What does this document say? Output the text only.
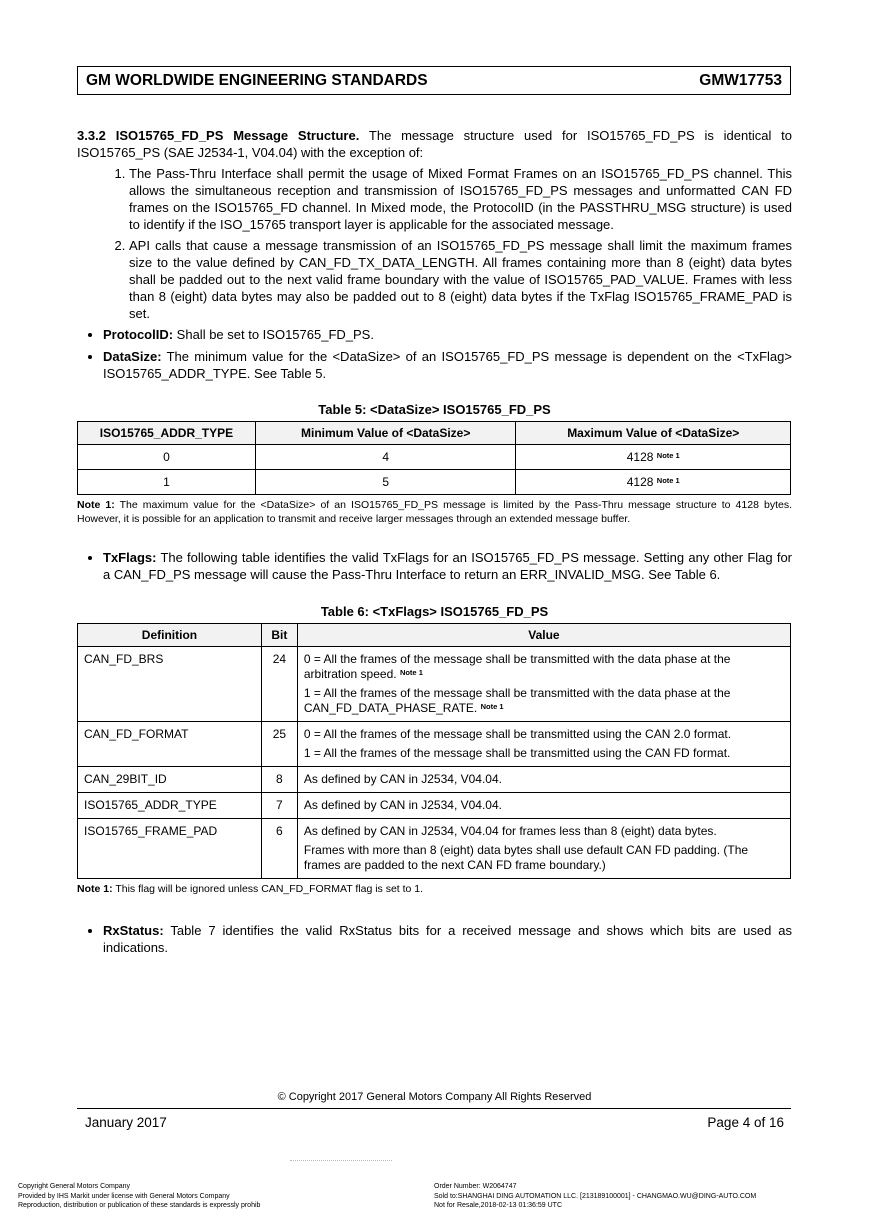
GM WORLDWIDE ENGINEERING STANDARDS	GMW17753

3.3.2 ISO15765_FD_PS Message Structure. The message structure used for ISO15765_FD_PS is identical to ISO15765_PS (SAE J2534-1, V04.04) with the exception of:

1. The Pass-Thru Interface shall permit the usage of Mixed Format Frames on an ISO15765_FD_PS channel. This allows the simultaneous reception and transmission of ISO15765_FD_PS messages and unformatted CAN FD frames on the ISO15765_FD channel. In Mixed mode, the ProtocolID (in the PASSTHRU_MSG structure) is used to identify if the ISO_15765 transport layer is applicable for the associated message.
2. API calls that cause a message transmission of an ISO15765_FD_PS message shall limit the maximum frames size to the value defined by CAN_FD_TX_DATA_LENGTH. All frames containing more than 8 (eight) data bytes shall be padded out to the next valid frame boundary with the value of ISO15765_PAD_VALUE. Frames with less than 8 (eight) data bytes may also be padded out to 8 (eight) data bytes if the TxFlag ISO15765_FRAME_PAD is set.
• ProtocolID: Shall be set to ISO15765_FD_PS.
• DataSize: The minimum value for the <DataSize> of an ISO15765_FD_PS message is dependent on the <TxFlag> ISO15765_ADDR_TYPE. See Table 5.

Table 5: <DataSize> ISO15765_FD_PS

ISO15765_ADDR_TYPE	Minimum Value of <DataSize>	Maximum Value of <DataSize>
0	4	4128 $^{Note 1}$
1	5	4128 $^{Note 1}$

Note 1: The maximum value for the <DataSize> of an ISO15765_FD_PS message is limited by the Pass-Thru message structure to 4128 bytes. However, it is possible for an application to transmit and receive larger messages through an extended message buffer.

• TxFlags: The following table identifies the valid TxFlags for an ISO15765_FD_PS message. Setting any other Flag for a CAN_FD_PS message will cause the Pass-Thru Interface to return an ERR_INVALID_MSG. See Table 6.

Table 6: <TxFlags> ISO15765_FD_PS

Definition	Bit	Value
CAN_FD_BRS	24	0 = All the frames of the message shall be transmitted with the data phase at the arbitration speed. $^{Note 1}$

1 = All the frames of the message shall be transmitted with the data phase at the CAN_FD_DATA_PHASE_RATE. $^{Note 1}$

CAN_FD_FORMAT	25	0 = All the frames of the message shall be transmitted using the CAN 2.0 format.

1 = All the frames of the message shall be transmitted using the CAN FD format.

CAN_29BIT_ID	8	As defined by CAN in J2534, V04.04.

ISO15765_ADDR_TYPE	7	As defined by CAN in J2534, V04.04.

ISO15765_FRAME_PAD	6	As defined by CAN in J2534, V04.04 for frames less than 8 (eight) data bytes.

Frames with more than 8 (eight) data bytes shall use default CAN FD padding. (The frames are padded to the next CAN FD frame boundary.)

Note 1: This flag will be ignored unless CAN_FD_FORMAT flag is set to 1.

• RxStatus: Table 7 identifies the valid RxStatus bits for a received message and shows which bits are used as indications.
© Copyright 2017 General Motors Company All Rights Reserved
January 2017	Page 4 of 16
Copyright General Motors Company
Provided by IHS Markit under license with General Motors Company
Reproduction, distribution or publication of these standards is expressly prohib
Order Number: W2064747
Sold to:SHANGHAI DING AUTOMATION LLC. [213189100001] - CHANGMAO.WU@DING-AUTO.COM
Not for Resale,2018-02-13 01:36:59 UTC
